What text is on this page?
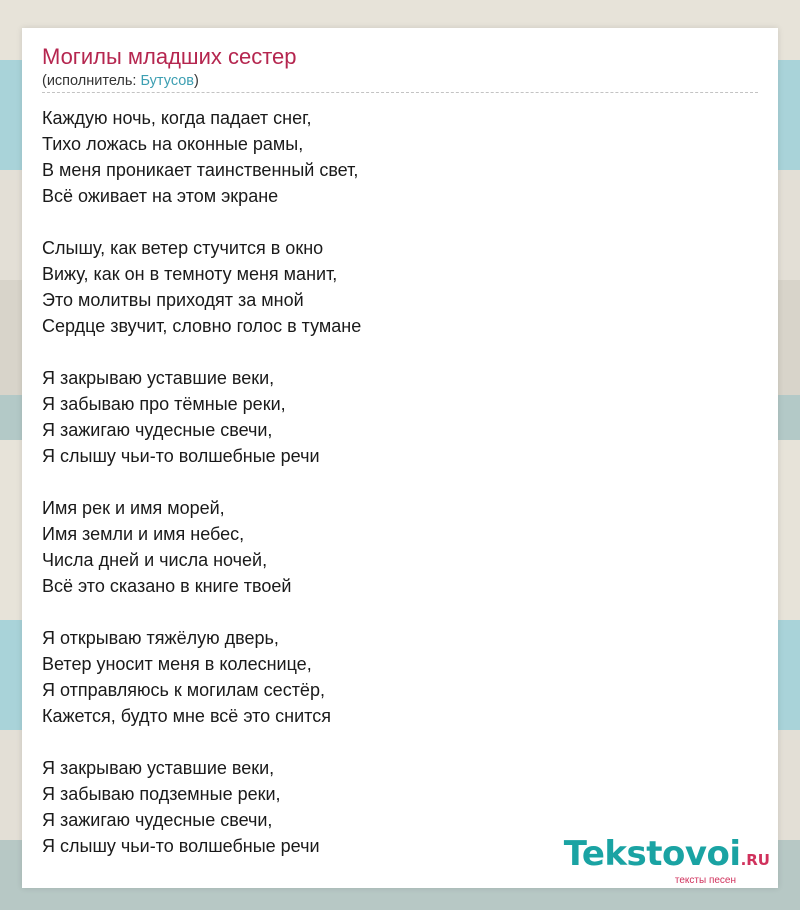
Могилы младших сестер
(исполнитель: Бутусов)
Каждую ночь, когда падает снег,
Тихо ложась на оконные рамы,
В меня проникает таинственный свет,
Всё оживает на этом экране
Слышу, как ветер стучится в окно
Вижу, как он в темноту меня манит,
Это молитвы приходят за мной
Сердце звучит, словно голос в тумане
Я закрываю уставшие веки,
Я забываю про тёмные реки,
Я зажигаю чудесные свечи,
Я слышу чьи-то волшебные речи
Имя рек и имя морей,
Имя земли и имя небес,
Числа дней и числа ночей,
Всё это сказано в книге твоей
Я открываю тяжёлую дверь,
Ветер уносит меня в колеснице,
Я отправляюсь к могилам сестёр,
Кажется, будто мне всё это снится
Я закрываю уставшие веки,
Я забываю подземные реки,
Я зажигаю чудесные свечи,
Я слышу чьи-то волшебные речи	Tekstovoi.RU
тексты песен
